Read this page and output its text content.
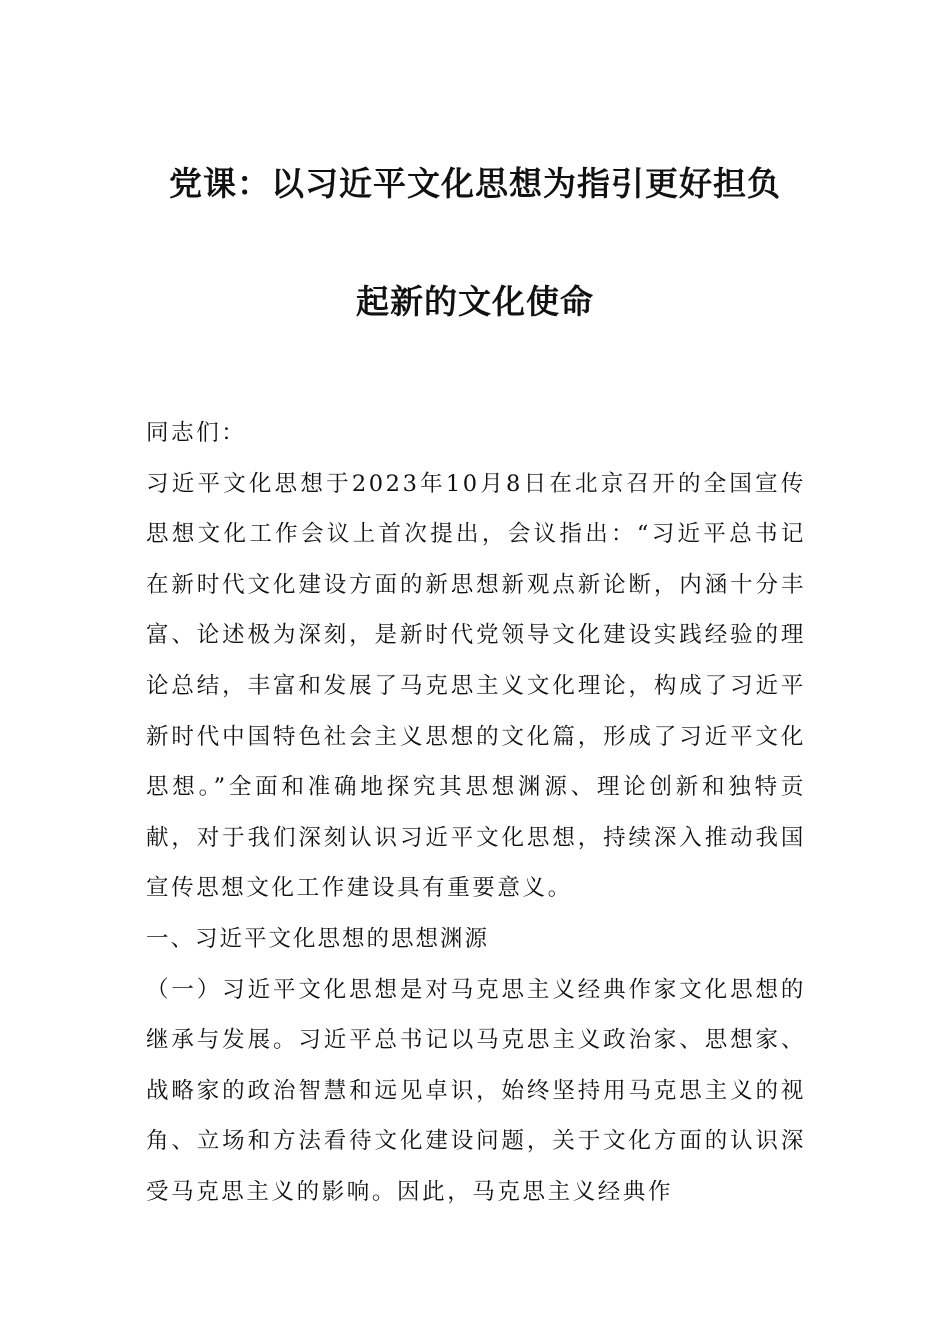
党课：以习近平文化思想为指引更好担负
起新的文化使命

同志们：

习近平文化思想于2023年10月8日在北京召开的全国宣传思想文化工作会议上首次提出，会议指出：“习近平总书记在新时代文化建设方面的新思想新观点新论断，内涵十分丰富、论述极为深刻，是新时代党领导文化建设实践经验的理论总结，丰富和发展了马克思主义文化理论，构成了习近平新时代中国特色社会主义思想的文化篇，形成了习近平文化思想。”全面和准确地探究其思想渊源、理论创新和独特贡献，对于我们深刻认识习近平文化思想，持续深入推动我国宣传思想文化工作建设具有重要意义。

一、习近平文化思想的思想渊源

（一）习近平文化思想是对马克思主义经典作家文化思想的继承与发展。习近平总书记以马克思主义政治家、思想家、战略家的政治智慧和远见卓识，始终坚持用马克思主义的视角、立场和方法看待文化建设问题，关于文化方面的认识深受马克思主义的影响。因此，马克思主义经典作
